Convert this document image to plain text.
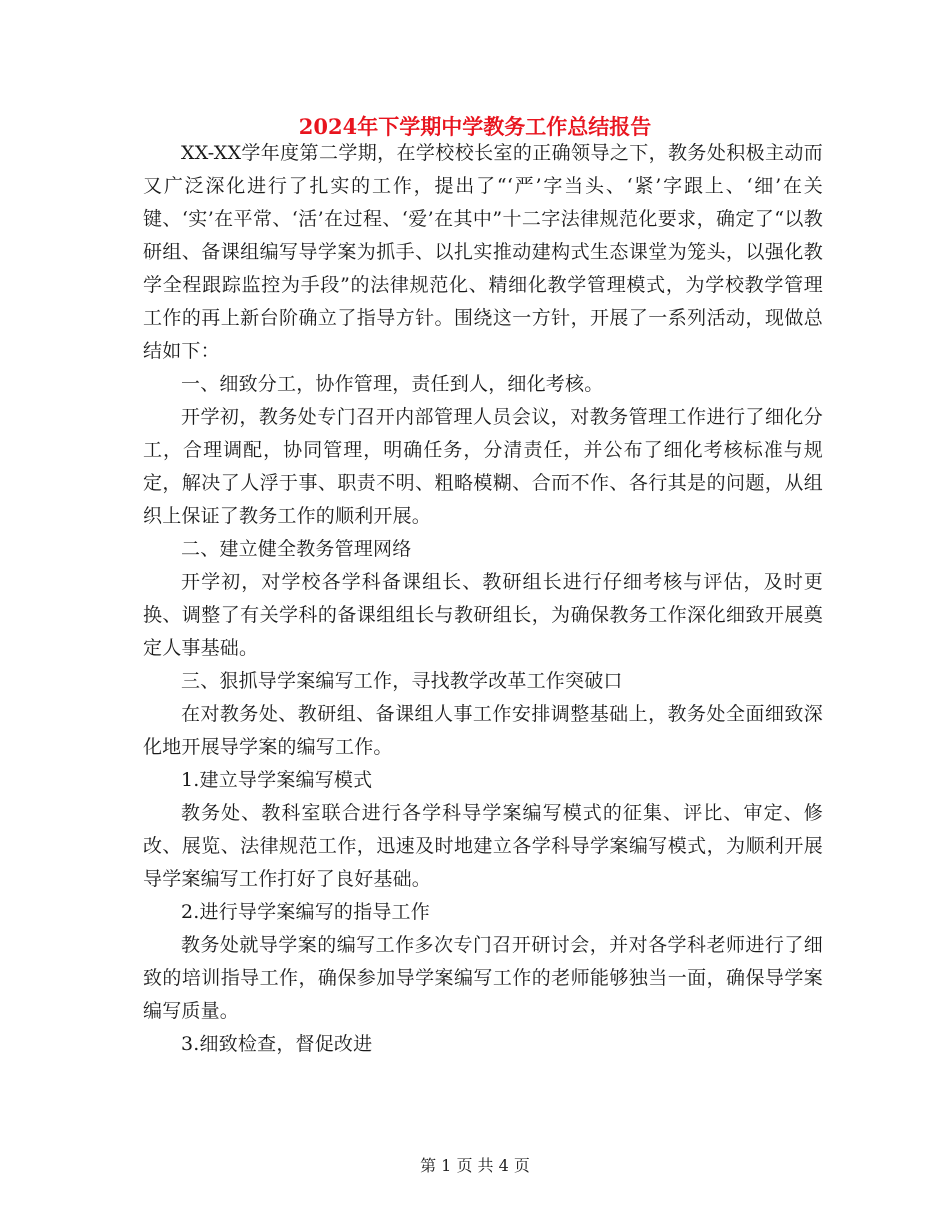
2024年下学期中学教务工作总结报告

XX-XX学年度第二学期，在学校校长室的正确领导之下，教务处积极主动而又广泛深化进行了扎实的工作，提出了“‘严’字当头、‘紧’字跟上、‘细’在关键、‘实’在平常、‘活’在过程、‘爱’在其中”十二字法律规范化要求，确定了“以教研组、备课组编写导学案为抓手、以扎实推动建构式生态课堂为笼头，以强化教学全程跟踪监控为手段”的法律规范化、精细化教学管理模式，为学校教学管理工作的再上新台阶确立了指导方针。围绕这一方针，开展了一系列活动，现做总结如下：

一、细致分工，协作管理，责任到人，细化考核。

开学初，教务处专门召开内部管理人员会议，对教务管理工作进行了细化分工，合理调配，协同管理，明确任务，分清责任，并公布了细化考核标准与规定，解决了人浮于事、职责不明、粗略模糊、合而不作、各行其是的问题，从组织上保证了教务工作的顺利开展。

二、建立健全教务管理网络

开学初，对学校各学科备课组长、教研组长进行仔细考核与评估，及时更换、调整了有关学科的备课组组长与教研组长，为确保教务工作深化细致开展奠定人事基础。

三、狠抓导学案编写工作，寻找教学改革工作突破口

在对教务处、教研组、备课组人事工作安排调整基础上，教务处全面细致深化地开展导学案的编写工作。

1.建立导学案编写模式

教务处、教科室联合进行各学科导学案编写模式的征集、评比、审定、修改、展览、法律规范工作，迅速及时地建立各学科导学案编写模式，为顺利开展导学案编写工作打好了良好基础。

2.进行导学案编写的指导工作

教务处就导学案的编写工作多次专门召开研讨会，并对各学科老师进行了细致的培训指导工作，确保参加导学案编写工作的老师能够独当一面，确保导学案编写质量。

3.细致检查，督促改进

第 1 页 共 4 页
